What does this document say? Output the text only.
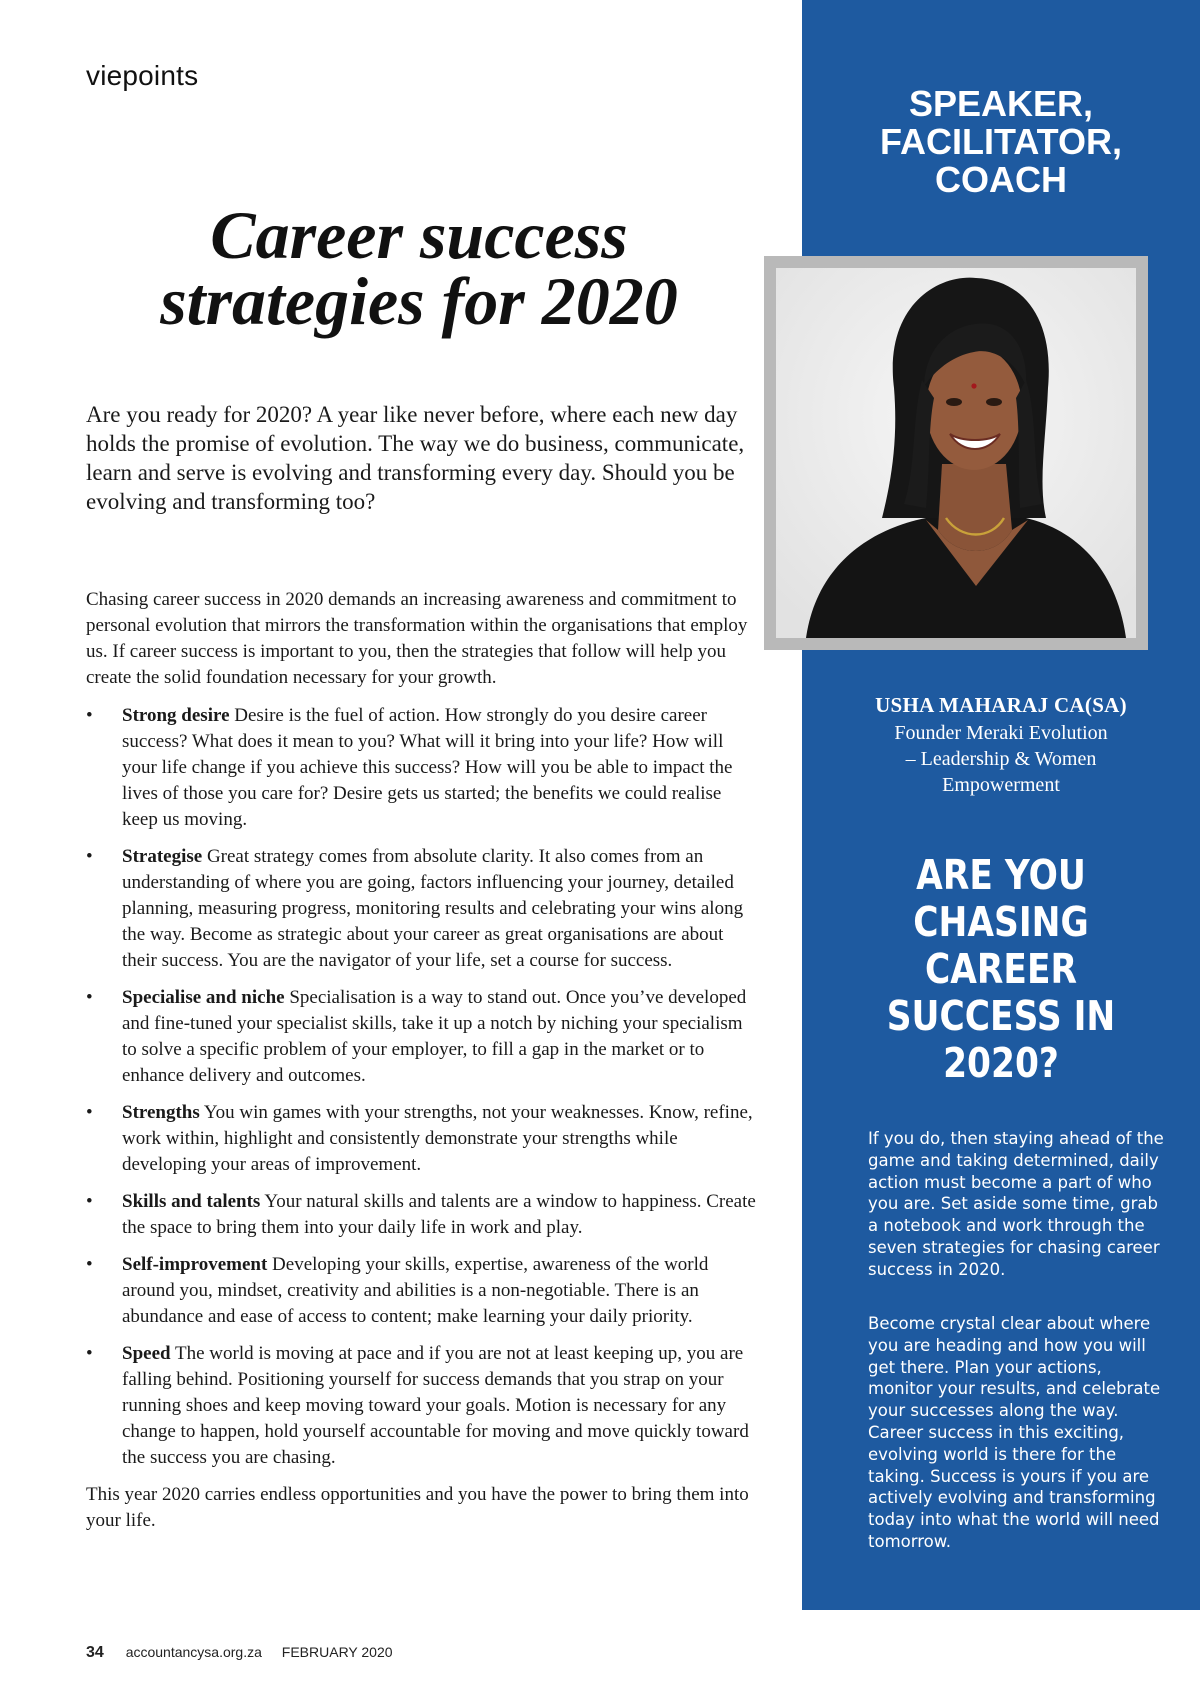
viepoints
Career success
strategies for 2020

Are you ready for 2020? A year like never before, where each new day holds the promise of evolution. The way we do business, communicate, learn and serve is evolving and transforming every day. Should you be evolving and transforming too?

Chasing career success in 2020 demands an increasing awareness and commitment to personal evolution that mirrors the transformation within the organisations that employ us. If career success is important to you, then the strategies that follow will help you create the solid foundation necessary for your growth.

• Strong desire Desire is the fuel of action. How strongly do you desire career success? What does it mean to you? What will it bring into your life? How will your life change if you achieve this success? How will you be able to impact the lives of those you care for? Desire gets us started; the benefits we could realise keep us moving.
• Strategise Great strategy comes from absolute clarity. It also comes from an understanding of where you are going, factors influencing your journey, detailed planning, measuring progress, monitoring results and celebrating your wins along the way. Become as strategic about your career as great organisations are about their success. You are the navigator of your life, set a course for success.
• Specialise and niche Specialisation is a way to stand out. Once you’ve developed and fine-tuned your specialist skills, take it up a notch by niching your specialism to solve a specific problem of your employer, to fill a gap in the market or to enhance delivery and outcomes.
• Strengths You win games with your strengths, not your weaknesses. Know, refine, work within, highlight and consistently demonstrate your strengths while developing your areas of improvement.
• Skills and talents Your natural skills and talents are a window to happiness. Create the space to bring them into your daily life in work and play.
• Self-improvement Developing your skills, expertise, awareness of the world around you, mindset, creativity and abilities is a non-negotiable. There is an abundance and ease of access to content; make learning your daily priority.
• Speed The world is moving at pace and if you are not at least keeping up, you are falling behind. Positioning yourself for success demands that you strap on your running shoes and keep moving toward your goals. Motion is necessary for any change to happen, hold yourself accountable for moving and move quickly toward the success you are chasing.

This year 2020 carries endless opportunities and you have the power to bring them into your life.

SPEAKER,
FACILITATOR,
COACH

USHA MAHARAJ CA(SA)

Founder Meraki Evolution
– Leadership & Women
Empowerment

ARE YOU
CHASING
CAREER
SUCCESS IN
2020?

If you do, then staying ahead of the game and taking determined, daily action must become a part of who you are. Set aside some time, grab a notebook and work through the seven strategies for chasing career success in 2020.

Become crystal clear about where you are heading and how you will get there. Plan your actions, monitor your results, and celebrate your successes along the way. Career success in this exciting, evolving world is there for the taking. Success is yours if you are actively evolving and transforming today into what the world will need tomorrow.

34 accountancysa.org.za FEBRUARY 2020
